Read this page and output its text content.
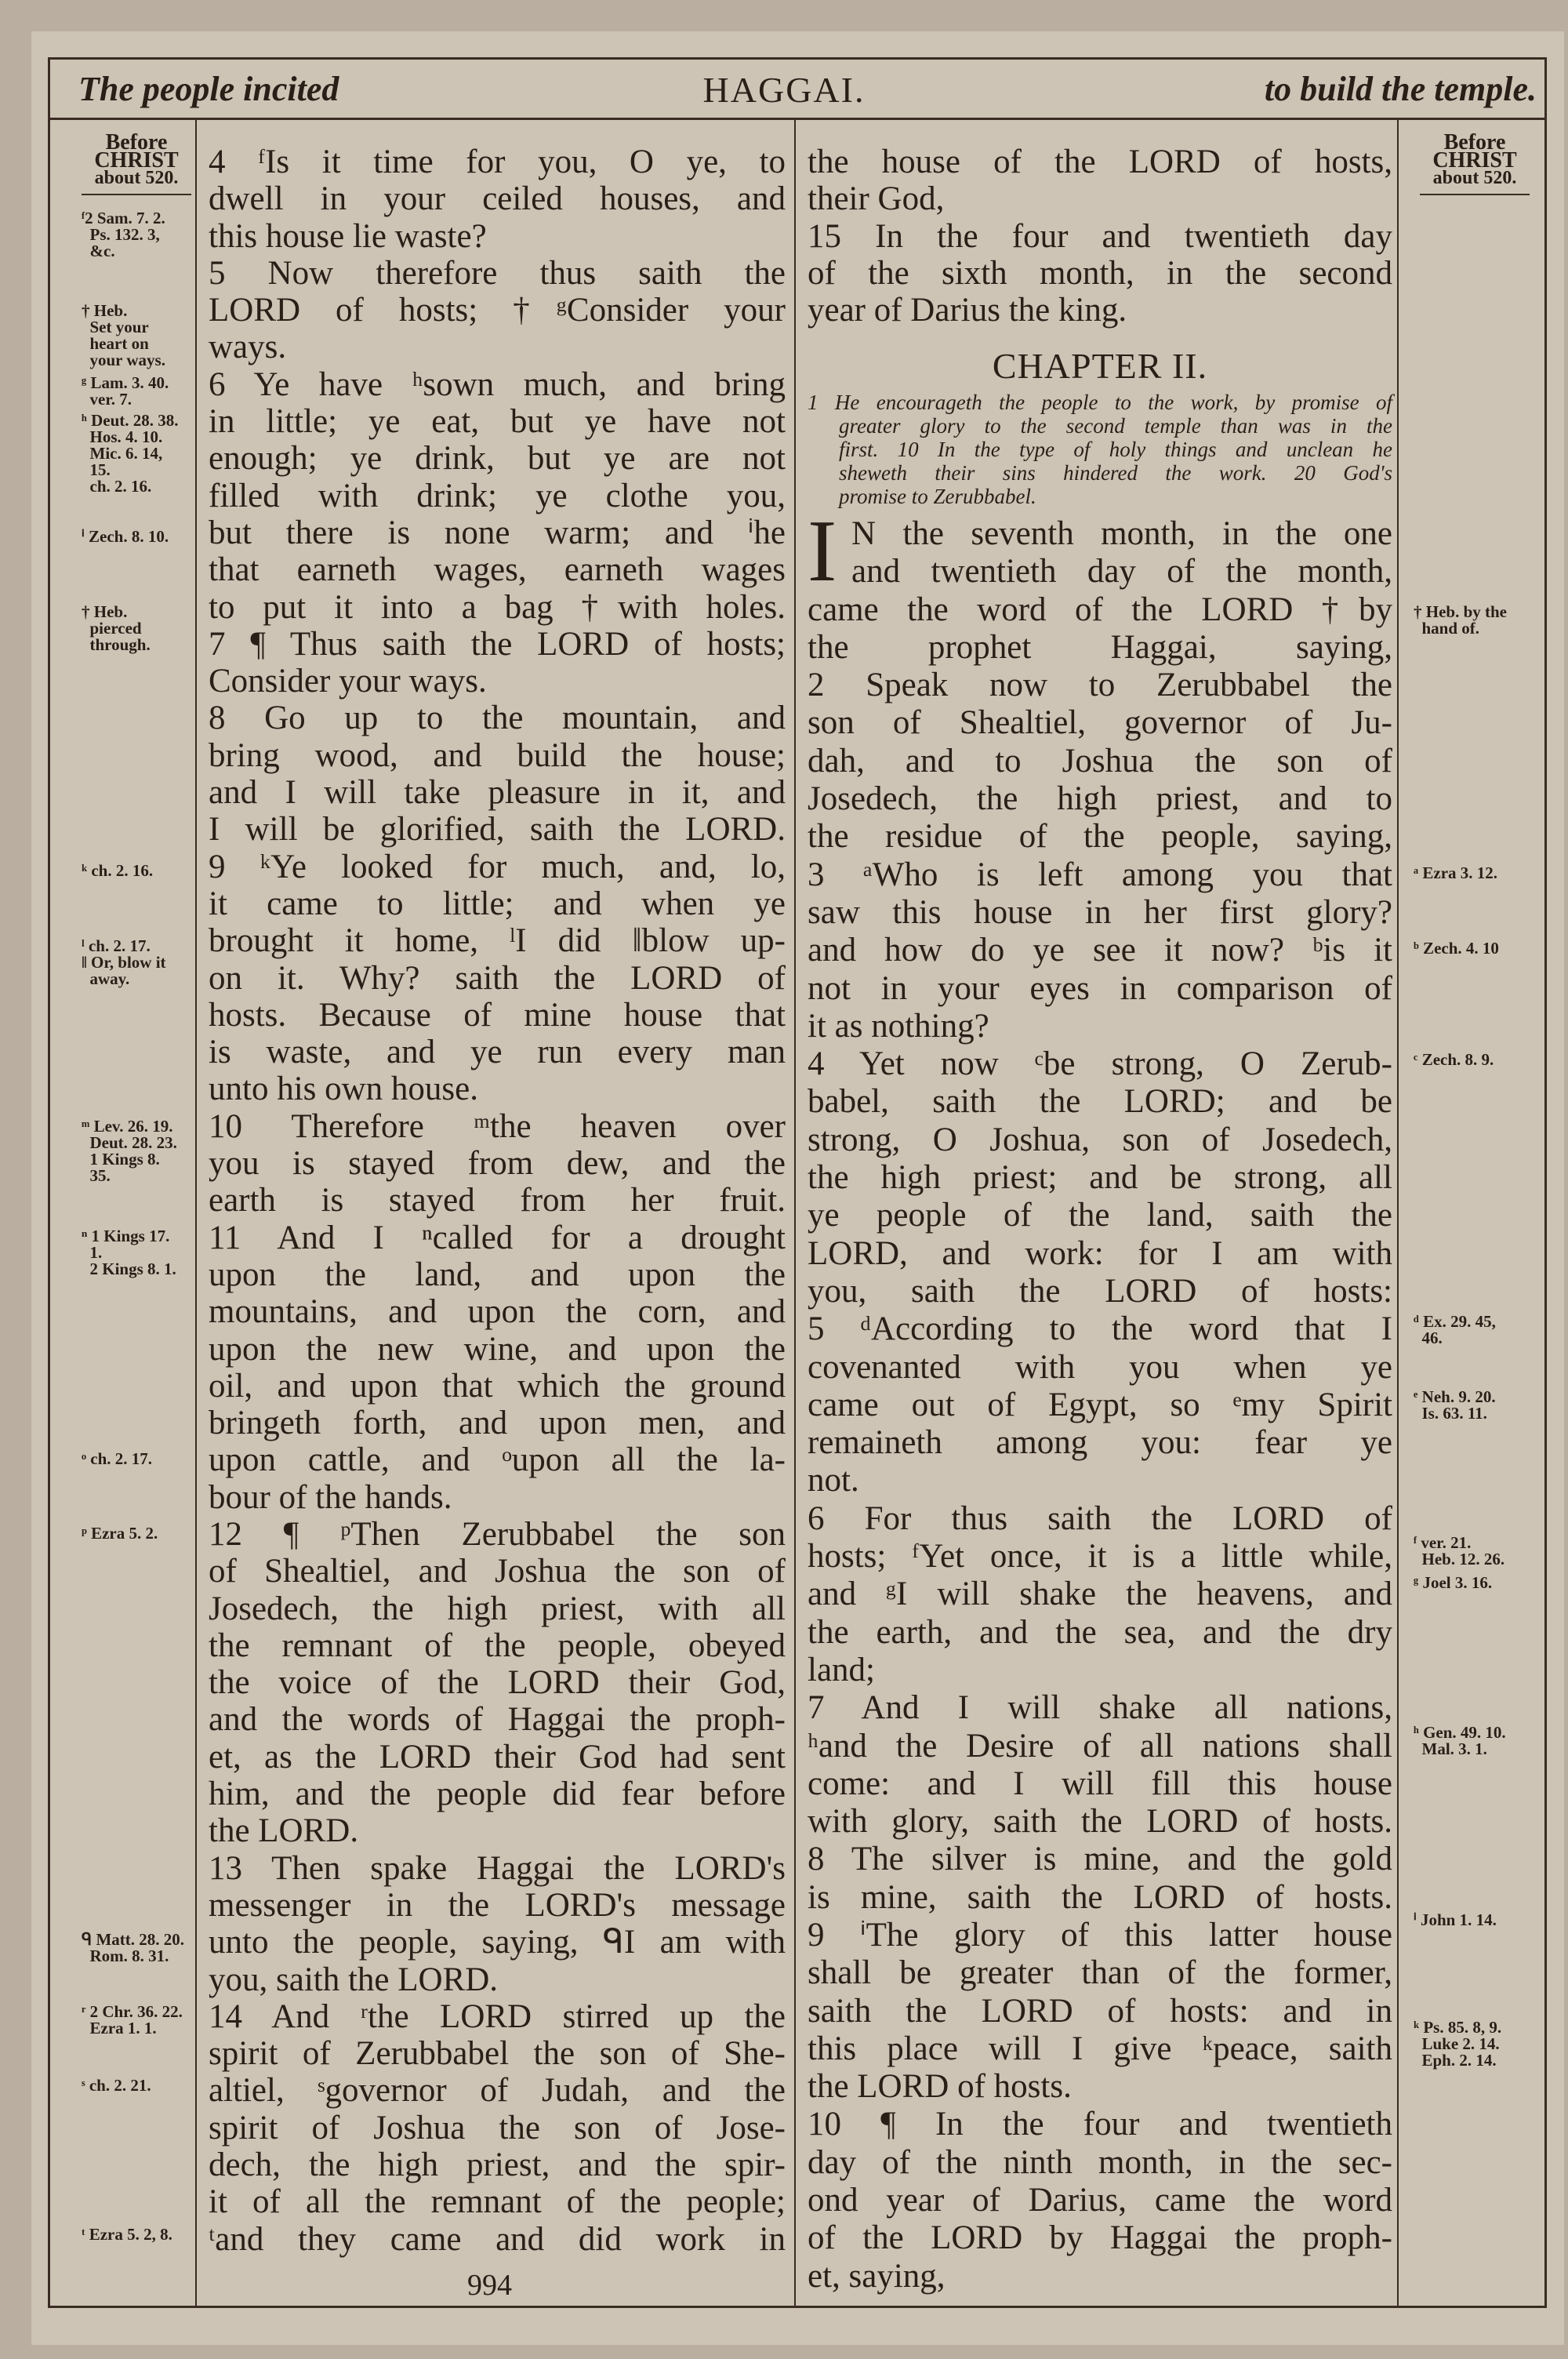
The people incited	HAGGAI.	to build the temple.
Before
CHRIST
about 520.
Before
CHRIST
about 520.
4 ᶠIs it time for you, O ye, to
dwell in your ceiled houses, and
this house lie waste?
5 Now therefore thus saith the
LORD of hosts; †ᵍConsider your
ways.
6 Ye have ʰsown much, and bring
in little; ye eat, but ye have not
enough; ye drink, but ye are not
filled with drink; ye clothe you,
but there is none warm; and ⁱhe
that earneth wages, earneth wages
to put it into a bag †with holes.
7 ¶ Thus saith the LORD of hosts;
Consider your ways.
8 Go up to the mountain, and
bring wood, and build the house;
and I will take pleasure in it, and
I will be glorified, saith the LORD.
9 ᵏYe looked for much, and, lo,
it came to little; and when ye
brought it home, ˡI did ‖blow up-
on it. Why? saith the LORD of
hosts. Because of mine house that
is waste, and ye run every man
unto his own house.
10 Therefore ᵐthe heaven over
you is stayed from dew, and the
earth is stayed from her fruit.
11 And I ⁿcalled for a drought
upon the land, and upon the
mountains, and upon the corn, and
upon the new wine, and upon the
oil, and upon that which the ground
bringeth forth, and upon men, and
upon cattle, and ᵒupon all the la-
bour of the hands.
12 ¶ ᵖThen Zerubbabel the son
of Shealtiel, and Joshua the son of
Josedech, the high priest, with all
the remnant of the people, obeyed
the voice of the LORD their God,
and the words of Haggai the proph-
et, as the LORD their God had sent
him, and the people did fear before
the LORD.
13 Then spake Haggai the LORD's
messenger in the LORD's message
unto the people, saying, ᑫI am with
you, saith the LORD.
14 And ʳthe LORD stirred up the
spirit of Zerubbabel the son of She-
altiel, ˢgovernor of Judah, and the
spirit of Joshua the son of Jose-
dech, the high priest, and the spir-
it of all the remnant of the people;
ᵗand they came and did work in
the house of the LORD of hosts,
their God,
15 In the four and twentieth day
of the sixth month, in the second
year of Darius the king.
CHAPTER II.
1 He encourageth the people to the work, by promise of
greater glory to the second temple than was in the
first. 10 In the type of holy things and unclean he
sheweth their sins hindered the work. 20 God's
promise to Zerubbabel.
I N the seventh month, in the one
and twentieth day of the month,
came the word of the LORD †by
the prophet Haggai, saying,
2 Speak now to Zerubbabel the
son of Shealtiel, governor of Ju-
dah, and to Joshua the son of
Josedech, the high priest, and to
the residue of the people, saying,
3 ᵃWho is left among you that
saw this house in her first glory?
and how do ye see it now? ᵇis it
not in your eyes in comparison of
it as nothing?
4 Yet now ᶜbe strong, O Zerub-
babel, saith the LORD; and be
strong, O Joshua, son of Josedech,
the high priest; and be strong, all
ye people of the land, saith the
LORD, and work: for I am with
you, saith the LORD of hosts:
5 ᵈAccording to the word that I
covenanted with you when ye
came out of Egypt, so ᵉmy Spirit
remaineth among you: fear ye
not.
6 For thus saith the LORD of
hosts; ᶠYet once, it is a little while,
and ᵍI will shake the heavens, and
the earth, and the sea, and the dry
land;
7 And I will shake all nations,
ʰand the Desire of all nations shall
come: and I will fill this house
with glory, saith the LORD of hosts.
8 The silver is mine, and the gold
is mine, saith the LORD of hosts.
9 ⁱThe glory of this latter house
shall be greater than of the former,
saith the LORD of hosts: and in
this place will I give ᵏpeace, saith
the LORD of hosts.
10 ¶ In the four and twentieth
day of the ninth month, in the sec-
ond year of Darius, came the word
of the LORD by Haggai the proph-
et, saying,
ᶠ2 Sam. 7. 2.
Ps. 132. 3,
&c.
† Heb.
Set your
heart on
your ways.
ᵍ Lam. 3. 40.
ver. 7.
ʰ Deut. 28. 38.
Hos. 4. 10.
Mic. 6. 14,
15.
ch. 2. 16.
ⁱ Zech. 8. 10.
† Heb.
pierced
through.
ᵏ ch. 2. 16.
ˡ ch. 2. 17.
‖ Or, blow it
away.
ᵐ Lev. 26. 19.
Deut. 28. 23.
1 Kings 8.
35.
ⁿ 1 Kings 17.
1.
2 Kings 8. 1.
ᵒ ch. 2. 17.
ᵖ Ezra 5. 2.
ᑫ Matt. 28. 20.
Rom. 8. 31.
ʳ 2 Chr. 36. 22.
Ezra 1. 1.
ˢ ch. 2. 21.
ᵗ Ezra 5. 2, 8.
† Heb. by the
hand of.
ᵃ Ezra 3. 12.
ᵇ Zech. 4. 10
ᶜ Zech. 8. 9.
ᵈ Ex. 29. 45,
46.
ᵉ Neh. 9. 20.
Is. 63. 11.
ᶠ ver. 21.
Heb. 12. 26.
ᵍ Joel 3. 16.
ʰ Gen. 49. 10.
Mal. 3. 1.
ⁱ John 1. 14.
ᵏ Ps. 85. 8, 9.
Luke 2. 14.
Eph. 2. 14.
994
